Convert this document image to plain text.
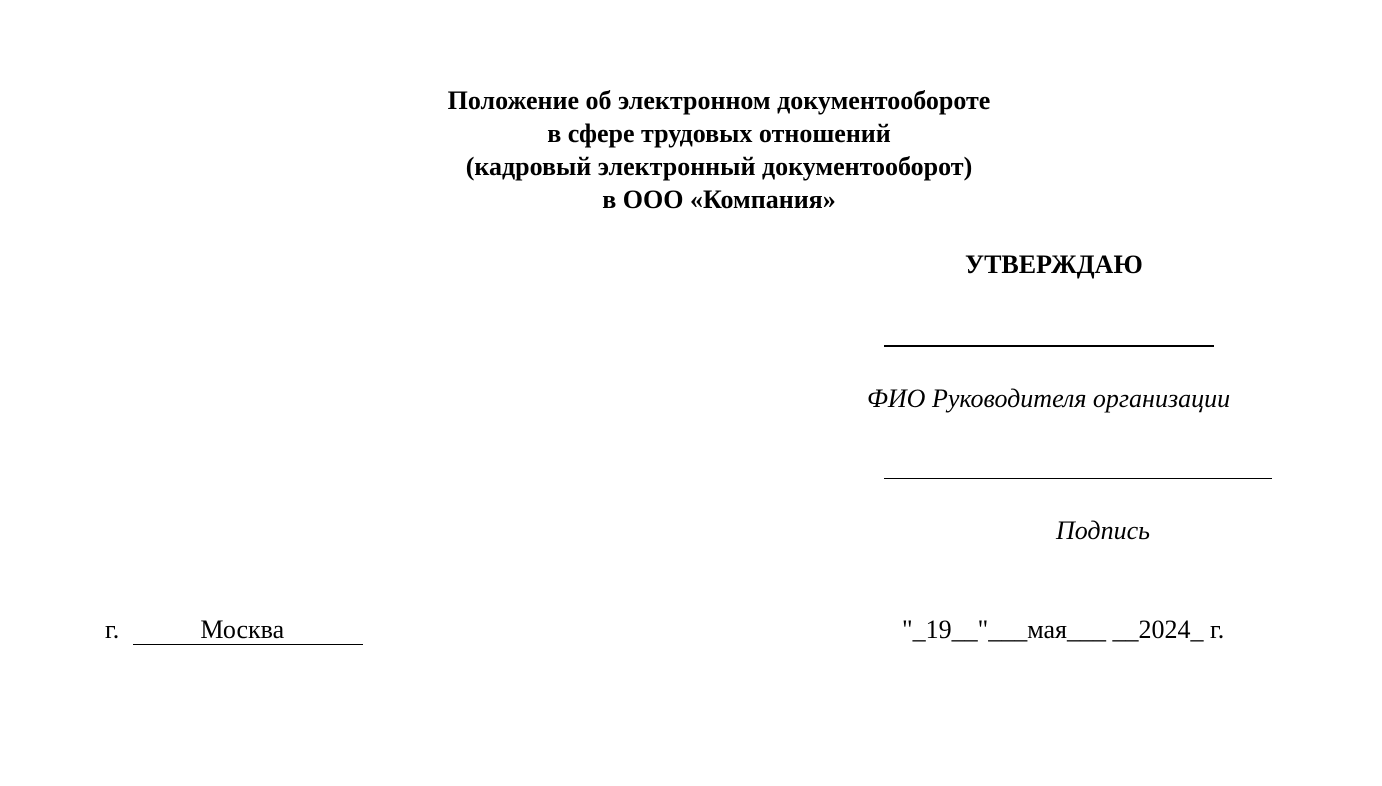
Положение об электронном документообороте
в сфере трудовых отношений
(кадровый электронный документооборот)
в ООО «Компания»
УТВЕРЖДАЮ
ФИО Руководителя организации
Подпись
г.	Москва	"_19__"___мая___ __2024_ г.
